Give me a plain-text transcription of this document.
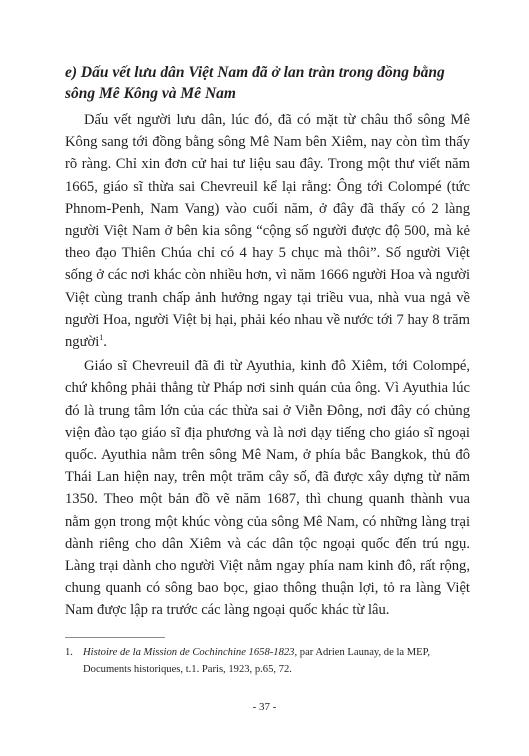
e) Dấu vết lưu dân Việt Nam đã ở lan tràn trong đồng bằng
sông Mê Kông và Mê Nam

Dấu vết người lưu dân, lúc đó, đã có mặt từ châu thổ sông Mê Kông sang tới đồng bằng sông Mê Nam bên Xiêm, nay còn tìm thấy rõ ràng. Chỉ xin đơn cử hai tư liệu sau đây. Trong một thư viết năm 1665, giáo sĩ thừa sai Chevreuil kể lại rằng: Ông tới Colompé (tức Phnom-Penh, Nam Vang) vào cuối năm, ở đây đã thấy có 2 làng người Việt Nam ở bên kia sông “cộng số người được độ 500, mà kẻ theo đạo Thiên Chúa chỉ có 4 hay 5 chục mà thôi”. Số người Việt sống ở các nơi khác còn nhiều hơn, vì năm 1666 người Hoa và người Việt cùng tranh chấp ảnh hưởng ngay tại triều vua, nhà vua ngả về người Hoa, người Việt bị hại, phải kéo nhau về nước tới 7 hay 8 trăm người$^1$.

Giáo sĩ Chevreuil đã đi từ Ayuthia, kinh đô Xiêm, tới Colompé, chứ không phải thẳng từ Pháp nơi sinh quán của ông. Vì Ayuthia lúc đó là trung tâm lớn của các thừa sai ở Viễn Đông, nơi đây có chủng viện đào tạo giáo sĩ địa phương và là nơi dạy tiếng cho giáo sĩ ngoại quốc. Ayuthia nằm trên sông Mê Nam, ở phía bắc Bangkok, thủ đô Thái Lan hiện nay, trên một trăm cây số, đã được xây dựng từ năm 1350. Theo một bản đồ vẽ năm 1687, thì chung quanh thành vua nằm gọn trong một khúc vòng của sông Mê Nam, có những làng trại dành riêng cho dân Xiêm và các dân tộc ngoại quốc đến trú ngụ. Làng trại dành cho người Việt nằm ngay phía nam kinh đô, rất rộng, chung quanh có sông bao bọc, giao thông thuận lợi, tỏ ra làng Việt Nam được lập ra trước các làng ngoại quốc khác từ lâu.

1. Histoire de la Mission de Cochinchine 1658-1823, par Adrien Launay, de la MEP, Documents historiques, t.1. Paris, 1923, p.65, 72.
- 37 -
